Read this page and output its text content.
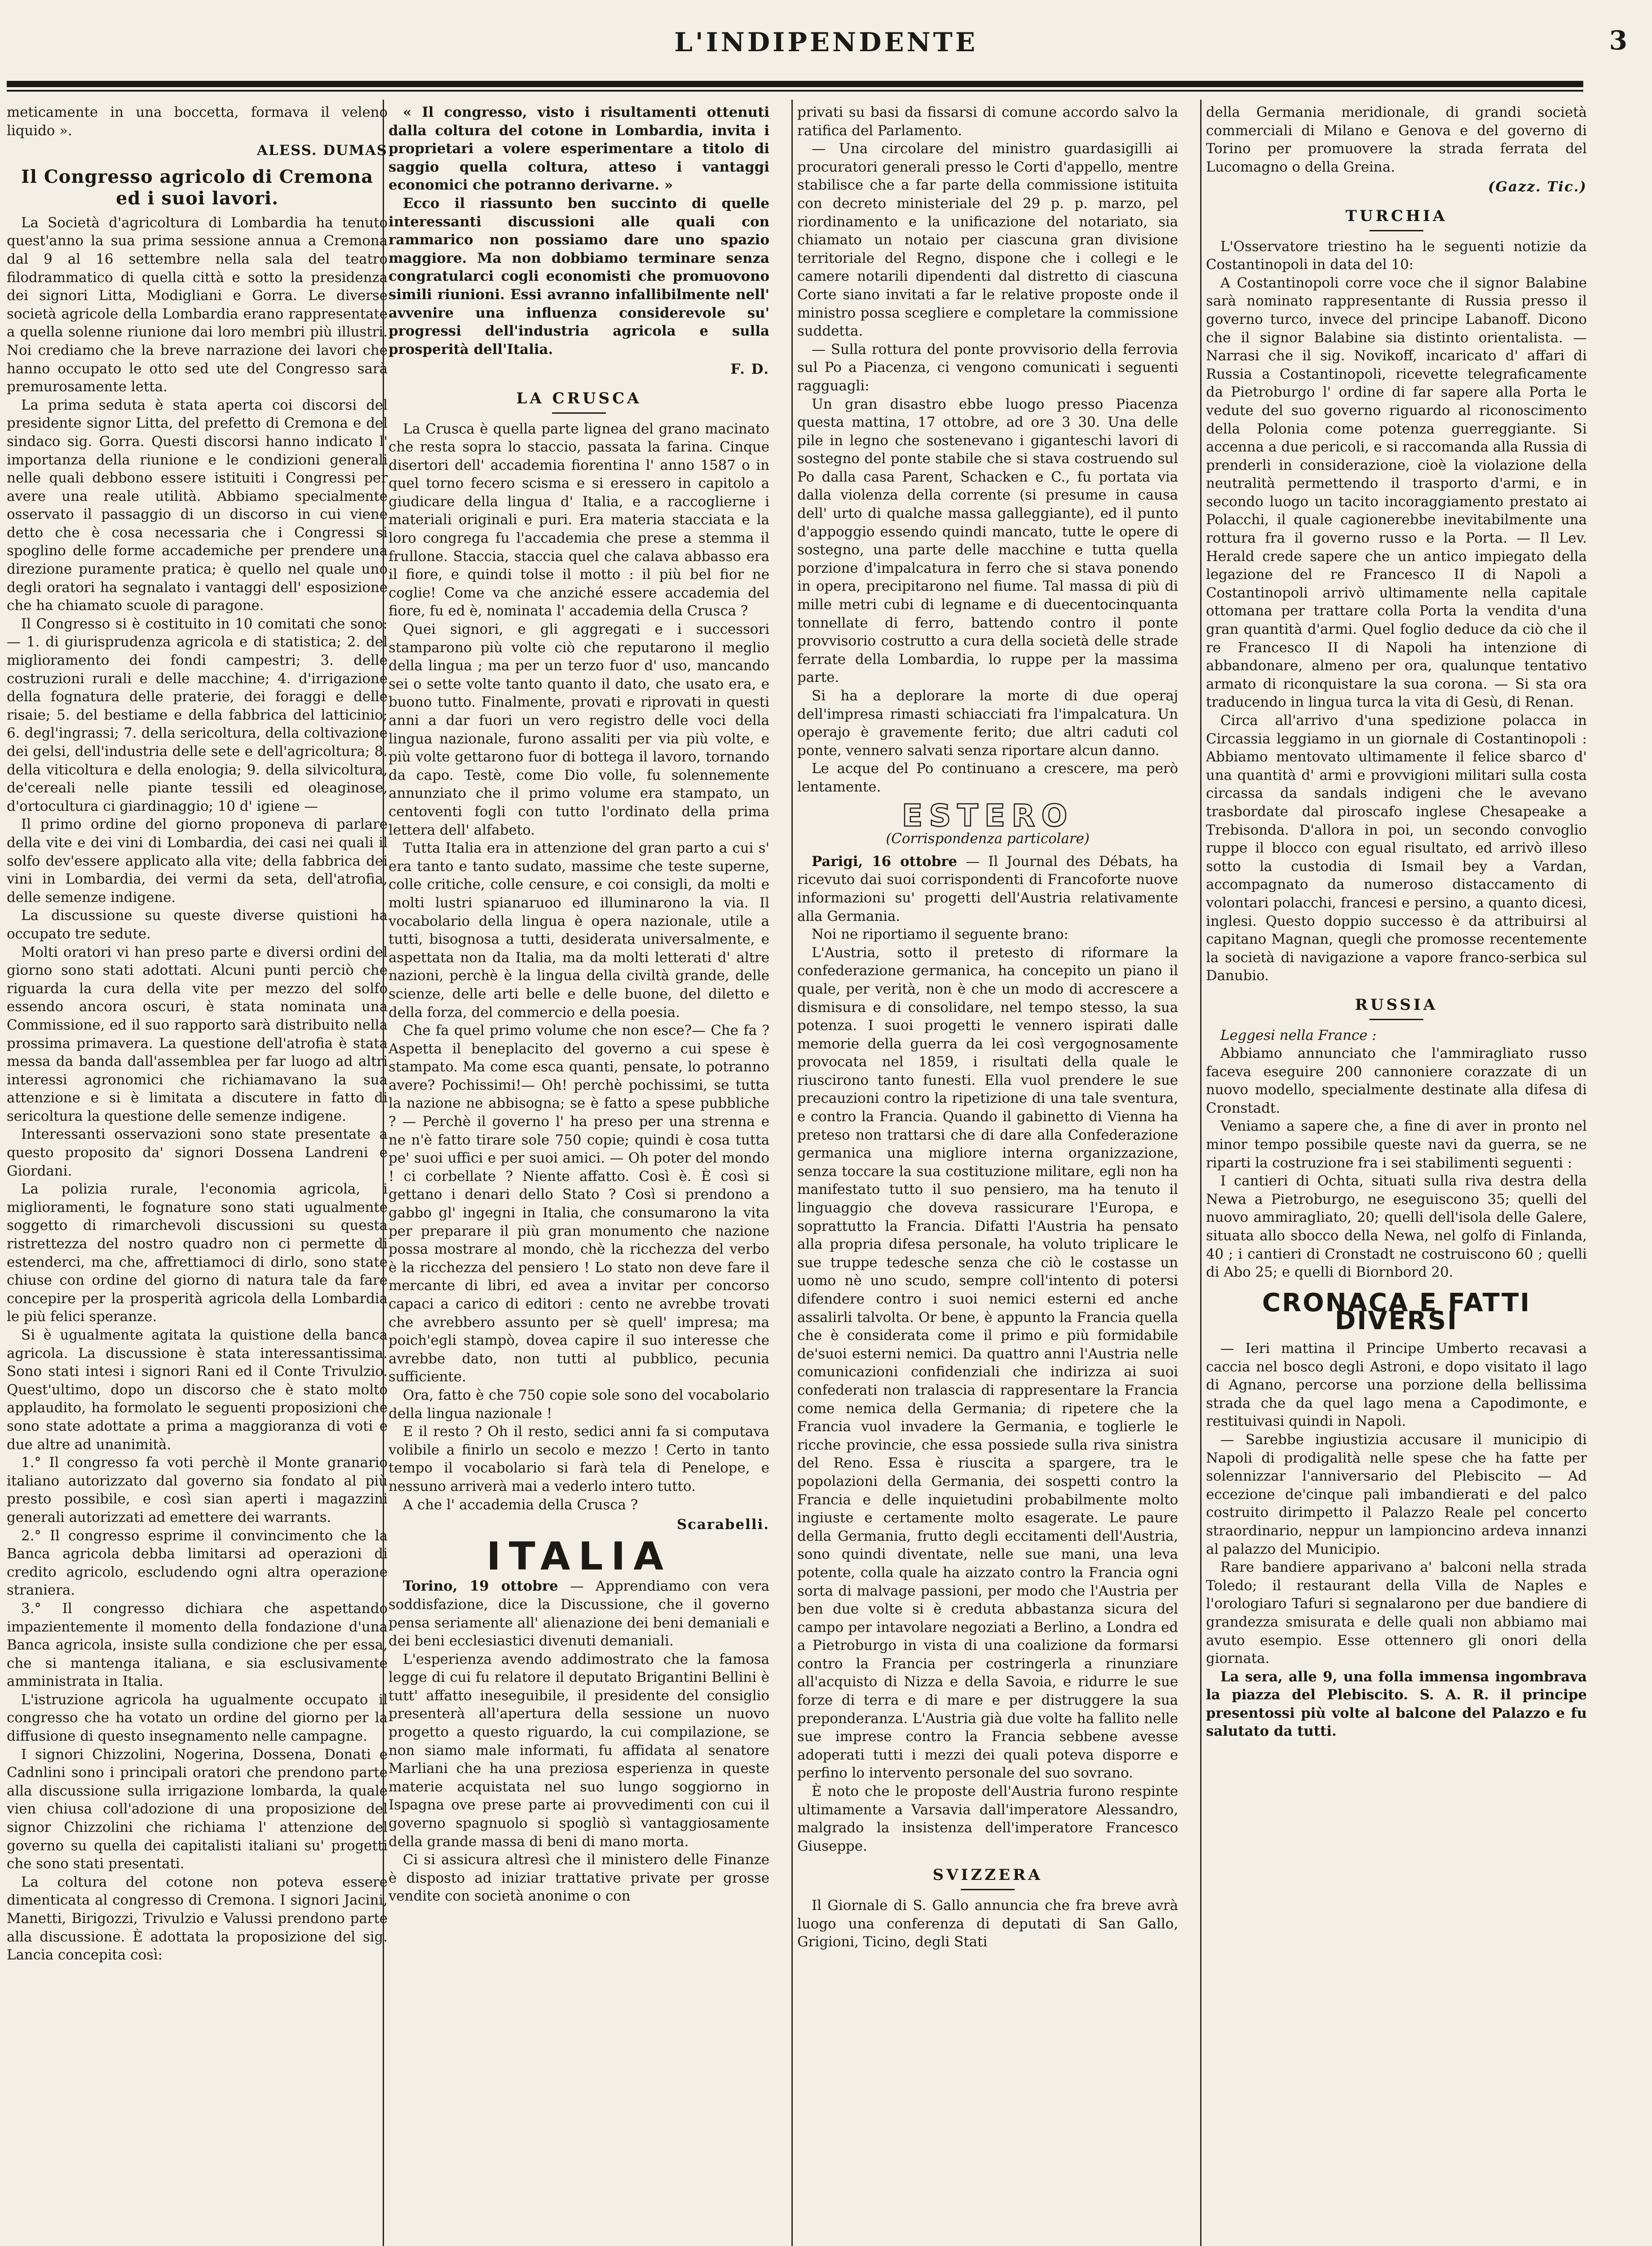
L'INDIPENDENTE	3

meticamente in una boccetta, formava il veleno liquido ».

ALESS. DUMAS
Il Congresso agricolo di Cremona ed i suoi lavori.

La Società d'agricoltura di Lombardia ha tenuto quest'anno la sua prima sessione annua a Cremona dal 9 al 16 settembre nella sala del teatro filodrammatico di quella città e sotto la presidenza dei signori Litta, Modigliani e Gorra. Le diverse società agricole della Lombardia erano rappresentate a quella solenne riunione dai loro membri più illustri. Noi crediamo che la breve narrazione dei lavori che hanno occupato le otto sed ute del Congresso sarà premurosamente letta.

La prima seduta è stata aperta coi discorsi del presidente signor Litta, del prefetto di Cremona e del sindaco sig. Gorra. Questi discorsi hanno indicato l' importanza della riunione e le condizioni generali nelle quali debbono essere istituiti i Congressi per avere una reale utilità. Abbiamo specialmente osservato il passaggio di un discorso in cui viene detto che è cosa necessaria che i Congressi si spoglino delle forme accademiche per prendere una direzione puramente pratica; è quello nel quale uno degli oratori ha segnalato i vantaggi dell' esposizione che ha chiamato scuole di paragone.

Il Congresso si è costituito in 10 comitati che sono: — 1. di giurisprudenza agricola e di statistica; 2. del miglioramento dei fondi campestri; 3. delle costruzioni rurali e delle macchine; 4. d'irrigazione della fognatura delle praterie, dei foraggi e delle risaie; 5. del bestiame e della fabbrica del latticinio; 6. degl'ingrassi; 7. della sericoltura, della coltivazione dei gelsi, dell'industria delle sete e dell'agricoltura; 8. della viticoltura e della enologia; 9. della silvicoltura, de'cereali nelle piante tessili ed oleaginose, d'ortocultura ci giardinaggio; 10 d' igiene —

Il primo ordine del giorno proponeva di parlare della vite e dei vini di Lombardia, dei casi nei quali il solfo dev'essere applicato alla vite; della fabbrica dei vini in Lombardia, dei vermi da seta, dell'atrofia, delle semenze indigene.

La discussione su queste diverse quistioni ha occupato tre sedute.

Molti oratori vi han preso parte e diversi ordini del giorno sono stati adottati. Alcuni punti perciò che riguarda la cura della vite per mezzo del solfo essendo ancora oscuri, è stata nominata una Commissione, ed il suo rapporto sarà distribuito nella prossima primavera. La questione dell'atrofia è stata messa da banda dall'assemblea per far luogo ad altri interessi agronomici che richiamavano la sua attenzione e si è limitata a discutere in fatto di sericoltura la questione delle semenze indigene.

Interessanti osservazioni sono state presentate a questo proposito da' signori Dossena Landreni e Giordani.

La polizia rurale, l'economia agricola, i miglioramenti, le fognature sono stati ugualmente soggetto di rimarchevoli discussioni su questa ristrettezza del nostro quadro non ci permette di estenderci, ma che, affrettiamoci di dirlo, sono state chiuse con ordine del giorno di natura tale da fare concepire per la prosperità agricola della Lombardia le più felici speranze.

Si è ugualmente agitata la quistione della banca agricola. La discussione è stata interessantissima. Sono stati intesi i signori Rani ed il Conte Trivulzio. Quest'ultimo, dopo un discorso che è stato molto applaudito, ha formolato le seguenti proposizioni che sono state adottate a prima a maggioranza di voti e due altre ad unanimità.

1.° Il congresso fa voti perchè il Monte granario italiano autorizzato dal governo sia fondato al più presto possibile, e così sian aperti i magazzini generali autorizzati ad emettere dei warrants.

2.° Il congresso esprime il convincimento che la Banca agricola debba limitarsi ad operazioni di credito agricolo, escludendo ogni altra operazione straniera.

3.° Il congresso dichiara che aspettando impazientemente il momento della fondazione d'una Banca agricola, insiste sulla condizione che per essa, che si mantenga italiana, e sia esclusivamente amministrata in Italia.

L'istruzione agricola ha ugualmente occupato il congresso che ha votato un ordine del giorno per la diffusione di questo insegnamento nelle campagne.

I signori Chizzolini, Nogerina, Dossena, Donati e Cadnlini sono i principali oratori che prendono parte alla discussione sulla irrigazione lombarda, la quale vien chiusa coll'adozione di una proposizione del signor Chizzolini che richiama l' attenzione del governo su quella dei capitalisti italiani su' progetti che sono stati presentati.

La coltura del cotone non poteva essere dimenticata al congresso di Cremona. I signori Jacini, Manetti, Birigozzi, Trivulzio e Valussi prendono parte alla discussione. È adottata la proposizione del sig. Lancia concepita così:

« Il congresso, visto i risultamenti ottenuti dalla coltura del cotone in Lombardia, invita i proprietari a volere esperimentare a titolo di saggio quella coltura, atteso i vantaggi economici che potranno derivarne. »

Ecco il riassunto ben succinto di quelle interessanti discussioni alle quali con rammarico non possiamo dare uno spazio maggiore. Ma non dobbiamo terminare senza congratularci cogli economisti che promuovono simili riunioni. Essi avranno infallibilmente nell' avvenire una influenza considerevole su' progressi dell'industria agricola e sulla prosperità dell'Italia.

F. D.
LA CRUSCA

La Crusca è quella parte lignea del grano macinato che resta sopra lo staccio, passata la farina. Cinque disertori dell' accademia fiorentina l' anno 1587 o in quel torno fecero scisma e si eressero in capitolo a giudicare della lingua d' Italia, e a raccoglierne i materiali originali e puri. Era materia stacciata e la loro congrega fu l'accademia che prese a stemma il frullone. Staccia, staccia quel che calava abbasso era il fiore, e quindi tolse il motto : il più bel fior ne coglie! Come va che anziché essere accademia del fiore, fu ed è, nominata l' accademia della Crusca ?

Quei signori, e gli aggregati e i successori stamparono più volte ciò che reputarono il meglio della lingua ; ma per un terzo fuor d' uso, mancando sei o sette volte tanto quanto il dato, che usato era, e buono tutto. Finalmente, provati e riprovati in questi anni a dar fuori un vero registro delle voci della lingua nazionale, furono assaliti per via più volte, e più volte gettarono fuor di bottega il lavoro, tornando da capo. Testè, come Dio volle, fu solennemente annunziato che il primo volume era stampato, un centoventi fogli con tutto l'ordinato della prima lettera dell' alfabeto.

Tutta Italia era in attenzione del gran parto a cui s' era tanto e tanto sudato, massime che teste superne, colle critiche, colle censure, e coi consigli, da molti e molti lustri spianaruoo ed illuminarono la via. Il vocabolario della lingua è opera nazionale, utile a tutti, bisognosa a tutti, desiderata universalmente, e aspettata non da Italia, ma da molti letterati d' altre nazioni, perchè è la lingua della civiltà grande, delle scienze, delle arti belle e delle buone, del diletto e della forza, del commercio e della poesia.

Che fa quel primo volume che non esce?— Che fa ? Aspetta il beneplacito del governo a cui spese è stampato. Ma come esca quanti, pensate, lo potranno avere? Pochissimi!— Oh! perchè pochissimi, se tutta la nazione ne abbisogna; se è fatto a spese pubbliche ? — Perchè il governo l' ha preso per una strenna e ne n'è fatto tirare sole 750 copie; quindi è cosa tutta pe' suoi uffici e per suoi amici. — Oh poter del mondo ! ci corbellate ? Niente affatto. Così è. È così si gettano i denari dello Stato ? Così si prendono a gabbo gl' ingegni in Italia, che consumarono la vita per preparare il più gran monumento che nazione possa mostrare al mondo, chè la ricchezza del verbo è la ricchezza del pensiero ! Lo stato non deve fare il mercante di libri, ed avea a invitar per concorso capaci a carico di editori : cento ne avrebbe trovati che avrebbero assunto per sè quell' impresa; ma poich'egli stampò, dovea capire il suo interesse che avrebbe dato, non tutti al pubblico, pecunia sufficiente.

Ora, fatto è che 750 copie sole sono del vocabolario della lingua nazionale !

E il resto ? Oh il resto, sedici anni fa si computava volibile a finirlo un secolo e mezzo ! Certo in tanto tempo il vocabolario si farà tela di Penelope, e nessuno arriverà mai a vederlo intero tutto.

A che l' accademia della Crusca ?

Scarabelli.
ITALIA

Torino, 19 ottobre — Apprendiamo con vera soddisfazione, dice la Discussione, che il governo pensa seriamente all' alienazione dei beni demaniali e dei beni ecclesiastici divenuti demaniali.

L'esperienza avendo addimostrato che la famosa legge di cui fu relatore il deputato Brigantini Bellini è tutt' affatto ineseguibile, il presidente del consiglio presenterà all'apertura della sessione un nuovo progetto a questo riguardo, la cui compilazione, se non siamo male informati, fu affidata al senatore Marliani che ha una preziosa esperienza in queste materie acquistata nel suo lungo soggiorno in Ispagna ove prese parte ai provvedimenti con cui il governo spagnuolo si spogliò sì vantaggiosamente della grande massa di beni di mano morta.

Ci si assicura altresì che il ministero delle Finanze è disposto ad iniziar trattative private per grosse vendite con società anonime o con

privati su basi da fissarsi di comune accordo salvo la ratifica del Parlamento.

— Una circolare del ministro guardasigilli ai procuratori generali presso le Corti d'appello, mentre stabilisce che a far parte della commissione istituita con decreto ministeriale del 29 p. p. marzo, pel riordinamento e la unificazione del notariato, sia chiamato un notaio per ciascuna gran divisione territoriale del Regno, dispone che i collegi e le camere notarili dipendenti dal distretto di ciascuna Corte siano invitati a far le relative proposte onde il ministro possa scegliere e completare la commissione suddetta.

— Sulla rottura del ponte provvisorio della ferrovia sul Po a Piacenza, ci vengono comunicati i seguenti ragguagli:

Un gran disastro ebbe luogo presso Piacenza questa mattina, 17 ottobre, ad ore 3 30. Una delle pile in legno che sostenevano i giganteschi lavori di sostegno del ponte stabile che si stava costruendo sul Po dalla casa Parent, Schacken e C., fu portata via dalla violenza della corrente (si presume in causa dell' urto di qualche massa galleggiante), ed il punto d'appoggio essendo quindi mancato, tutte le opere di sostegno, una parte delle macchine e tutta quella porzione d'impalcatura in ferro che si stava ponendo in opera, precipitarono nel fiume. Tal massa di più di mille metri cubi di legname e di duecentocinquanta tonnellate di ferro, battendo contro il ponte provvisorio costrutto a cura della società delle strade ferrate della Lombardia, lo ruppe per la massima parte.

Si ha a deplorare la morte di due operaj dell'impresa rimasti schiacciati fra l'impalcatura. Un operajo è gravemente ferito; due altri caduti col ponte, vennero salvati senza riportare alcun danno.

Le acque del Po continuano a crescere, ma però lentamente.

ESTERO
(Corrispondenza particolare)

Parigi, 16 ottobre — Il Journal des Débats, ha ricevuto dai suoi corrispondenti di Francoforte nuove informazioni su' progetti dell'Austria relativamente alla Germania.

Noi ne riportiamo il seguente brano:

L'Austria, sotto il pretesto di riformare la confederazione germanica, ha concepito un piano il quale, per verità, non è che un modo di accrescere a dismisura e di consolidare, nel tempo stesso, la sua potenza. I suoi progetti le vennero ispirati dalle memorie della guerra da lei così vergognosamente provocata nel 1859, i risultati della quale le riuscirono tanto funesti. Ella vuol prendere le sue precauzioni contro la ripetizione di una tale sventura, e contro la Francia. Quando il gabinetto di Vienna ha preteso non trattarsi che di dare alla Confederazione germanica una migliore interna organizzazione, senza toccare la sua costituzione militare, egli non ha manifestato tutto il suo pensiero, ma ha tenuto il linguaggio che doveva rassicurare l'Europa, e soprattutto la Francia. Difatti l'Austria ha pensato alla propria difesa personale, ha voluto triplicare le sue truppe tedesche senza che ciò le costasse un uomo nè uno scudo, sempre coll'intento di potersi difendere contro i suoi nemici esterni ed anche assalirli talvolta. Or bene, è appunto la Francia quella che è considerata come il primo e più formidabile de'suoi esterni nemici. Da quattro anni l'Austria nelle comunicazioni confidenziali che indirizza ai suoi confederati non tralascia di rappresentare la Francia come nemica della Germania; di ripetere che la Francia vuol invadere la Germania, e toglierle le ricche provincie, che essa possiede sulla riva sinistra del Reno. Essa è riuscita a spargere, tra le popolazioni della Germania, dei sospetti contro la Francia e delle inquietudini probabilmente molto ingiuste e certamente molto esagerate. Le paure della Germania, frutto degli eccitamenti dell'Austria, sono quindi diventate, nelle sue mani, una leva potente, colla quale ha aizzato contro la Francia ogni sorta di malvage passioni, per modo che l'Austria per ben due volte si è creduta abbastanza sicura del campo per intavolare negoziati a Berlino, a Londra ed a Pietroburgo in vista di una coalizione da formarsi contro la Francia per costringerla a rinunziare all'acquisto di Nizza e della Savoia, e ridurre le sue forze di terra e di mare e per distruggere la sua preponderanza. L'Austria già due volte ha fallito nelle sue imprese contro la Francia sebbene avesse adoperati tutti i mezzi dei quali poteva disporre e perfino lo intervento personale del suo sovrano.

È noto che le proposte dell'Austria furono respinte ultimamente a Varsavia dall'imperatore Alessandro, malgrado la insistenza dell'imperatore Francesco Giuseppe.

SVIZZERA

Il Giornale di S. Gallo annuncia che fra breve avrà luogo una conferenza di deputati di San Gallo, Grigioni, Ticino, degli Stati

della Germania meridionale, di grandi società commerciali di Milano e Genova e del governo di Torino per promuovere la strada ferrata del Lucomagno o della Greina.

(Gazz. Tic.)
TURCHIA

L'Osservatore triestino ha le seguenti notizie da Costantinopoli in data del 10:

A Costantinopoli corre voce che il signor Balabine sarà nominato rappresentante di Russia presso il governo turco, invece del principe Labanoff. Dicono che il signor Balabine sia distinto orientalista. — Narrasi che il sig. Novikoff, incaricato d' affari di Russia a Costantinopoli, ricevette telegraficamente da Pietroburgo l' ordine di far sapere alla Porta le vedute del suo governo riguardo al riconoscimento della Polonia come potenza guerreggiante. Si accenna a due pericoli, e si raccomanda alla Russia di prenderli in considerazione, cioè la violazione della neutralità permettendo il trasporto d'armi, e in secondo luogo un tacito incoraggiamento prestato ai Polacchi, il quale cagionerebbe inevitabilmente una rottura fra il governo russo e la Porta. — Il Lev. Herald crede sapere che un antico impiegato della legazione del re Francesco II di Napoli a Costantinopoli arrivò ultimamente nella capitale ottomana per trattare colla Porta la vendita d'una gran quantità d'armi. Quel foglio deduce da ciò che il re Francesco II di Napoli ha intenzione di abbandonare, almeno per ora, qualunque tentativo armato di riconquistare la sua corona. — Si sta ora traducendo in lingua turca la vita di Gesù, di Renan.

Circa all'arrivo d'una spedizione polacca in Circassia leggiamo in un giornale di Costantinopoli : Abbiamo mentovato ultimamente il felice sbarco d' una quantità d' armi e provvigioni militari sulla costa circassa da sandals indigeni che le avevano trasbordate dal piroscafo inglese Chesapeake a Trebisonda. D'allora in poi, un secondo convoglio ruppe il blocco con egual risultato, ed arrivò illeso sotto la custodia di Ismail bey a Vardan, accompagnato da numeroso distaccamento di volontari polacchi, francesi e persino, a quanto dicesi, inglesi. Questo doppio successo è da attribuirsi al capitano Magnan, quegli che promosse recentemente la società di navigazione a vapore franco-serbica sul Danubio.

RUSSIA

Leggesi nella France :

Abbiamo annunciato che l'ammiragliato russo faceva eseguire 200 cannoniere corazzate di un nuovo modello, specialmente destinate alla difesa di Cronstadt.

Veniamo a sapere che, a fine di aver in pronto nel minor tempo possibile queste navi da guerra, se ne riparti la costruzione fra i sei stabilimenti seguenti :

I cantieri di Ochta, situati sulla riva destra della Newa a Pietroburgo, ne eseguiscono 35; quelli del nuovo ammiragliato, 20; quelli dell'isola delle Galere, situata allo sbocco della Newa, nel golfo di Finlanda, 40 ; i cantieri di Cronstadt ne costruiscono 60 ; quelli di Abo 25; e quelli di Biornbord 20.

CRONACA E FATTI DIVERSI

— Ieri mattina il Principe Umberto recavasi a caccia nel bosco degli Astroni, e dopo visitato il lago di Agnano, percorse una porzione della bellissima strada che da quel lago mena a Capodimonte, e restituivasi quindi in Napoli.

— Sarebbe ingiustizia accusare il municipio di Napoli di prodigalità nelle spese che ha fatte per solennizzar l'anniversario del Plebiscito — Ad eccezione de'cinque pali imbandierati e del palco costruito dirimpetto il Palazzo Reale pel concerto straordinario, neppur un lampioncino ardeva innanzi al palazzo del Municipio.

Rare bandiere apparivano a' balconi nella strada Toledo; il restaurant della Villa de Naples e l'orologiaro Tafuri si segnalarono per due bandiere di grandezza smisurata e delle quali non abbiamo mai avuto esempio. Esse ottennero gli onori della giornata.

La sera, alle 9, una folla immensa ingombrava la piazza del Plebiscito. S. A. R. il principe presentossi più volte al balcone del Palazzo e fu salutato da tutti.
